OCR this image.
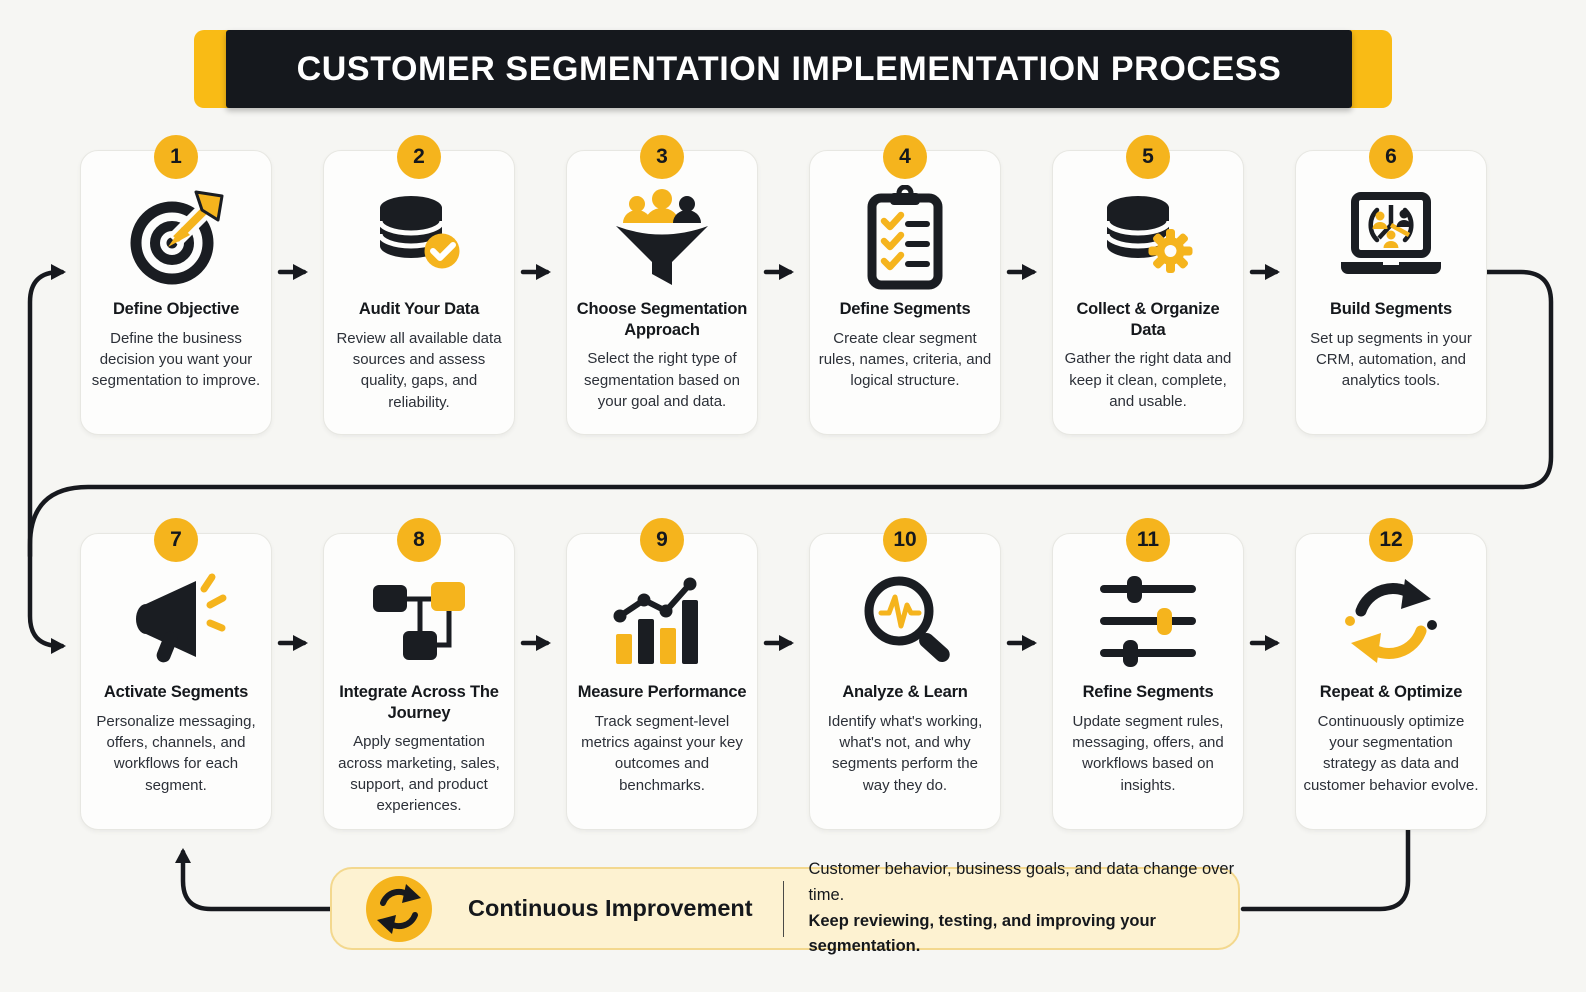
CUSTOMER SEGMENTATION IMPLEMENTATION PROCESS
1
Define Objective
Define the business decision you want your segmentation to improve.
2
Audit Your Data
Review all available data sources and assess quality, gaps, and reliability.
3
Choose Segmentation Approach
Select the right type of segmentation based on your goal and data.
4
Define Segments
Create clear segment rules, names, criteria, and logical structure.
5
Collect & Organize Data
Gather the right data and keep it clean, complete, and usable.
6
Build Segments
Set up segments in your CRM, automation, and analytics tools.
7
Activate Segments
Personalize messaging, offers, channels, and workflows for each segment.
8
Integrate Across The Journey
Apply segmentation across marketing, sales, support, and product experiences.
9
Measure Performance
Track segment-level metrics against your key outcomes and benchmarks.
10
Analyze & Learn
Identify what's working, what's not, and why segments perform the way they do.
11
Refine Segments
Update segment rules, messaging, offers, and workflows based on insights.
12
Repeat & Optimize
Continuously optimize your segmentation strategy as data and customer behavior evolve.
Continuous Improvement
Customer behavior, business goals, and data change over time.
Keep reviewing, testing, and improving your segmentation.
